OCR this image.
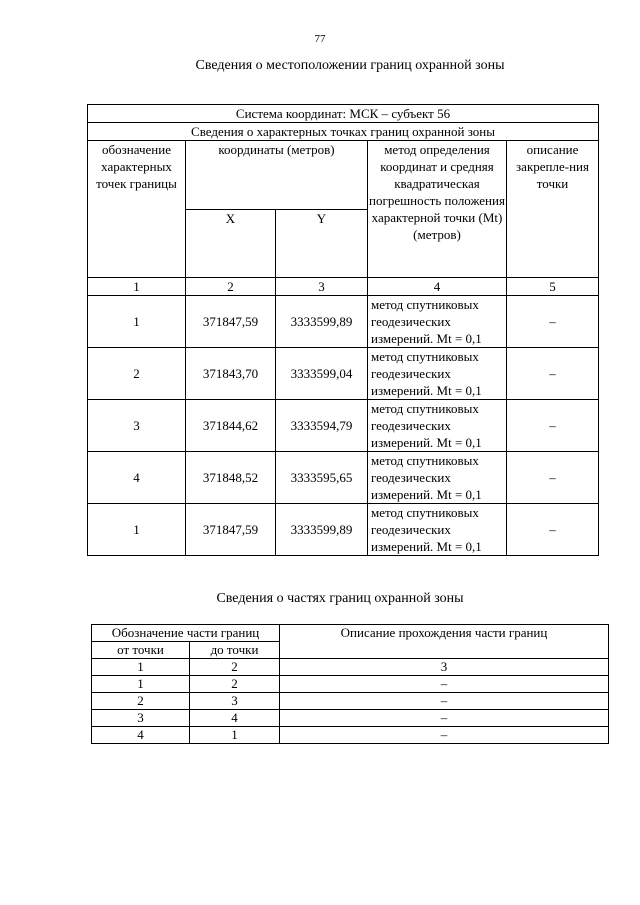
77
Сведения о местоположении границ охранной зоны
Система координат: МСК – субъект 56				
Сведения о характерных точках границ охранной зоны				
обозначение характерных точек границы	координаты (метров)		метод определения координат и средняя квадратическая погрешность положения характерной точки (Mt) (метров)	описание закрепле-ния точки
	X	Y		
1	2	3	4	5
1	371847,59	3333599,89	метод спутниковых геодезических измерений. Mt = 0,1	–
2	371843,70	3333599,04	метод спутниковых геодезических измерений. Mt = 0,1	–
3	371844,62	3333594,79	метод спутниковых геодезических измерений. Mt = 0,1	–
4	371848,52	3333595,65	метод спутниковых геодезических измерений. Mt = 0,1	–
1	371847,59	3333599,89	метод спутниковых геодезических измерений. Mt = 0,1	–
Сведения о частях границ охранной зоны
Обозначение части границ		Описание прохождения части границ
от точки	до точки	
1	2	3
1	2	–
2	3	–
3	4	–
4	1	–
